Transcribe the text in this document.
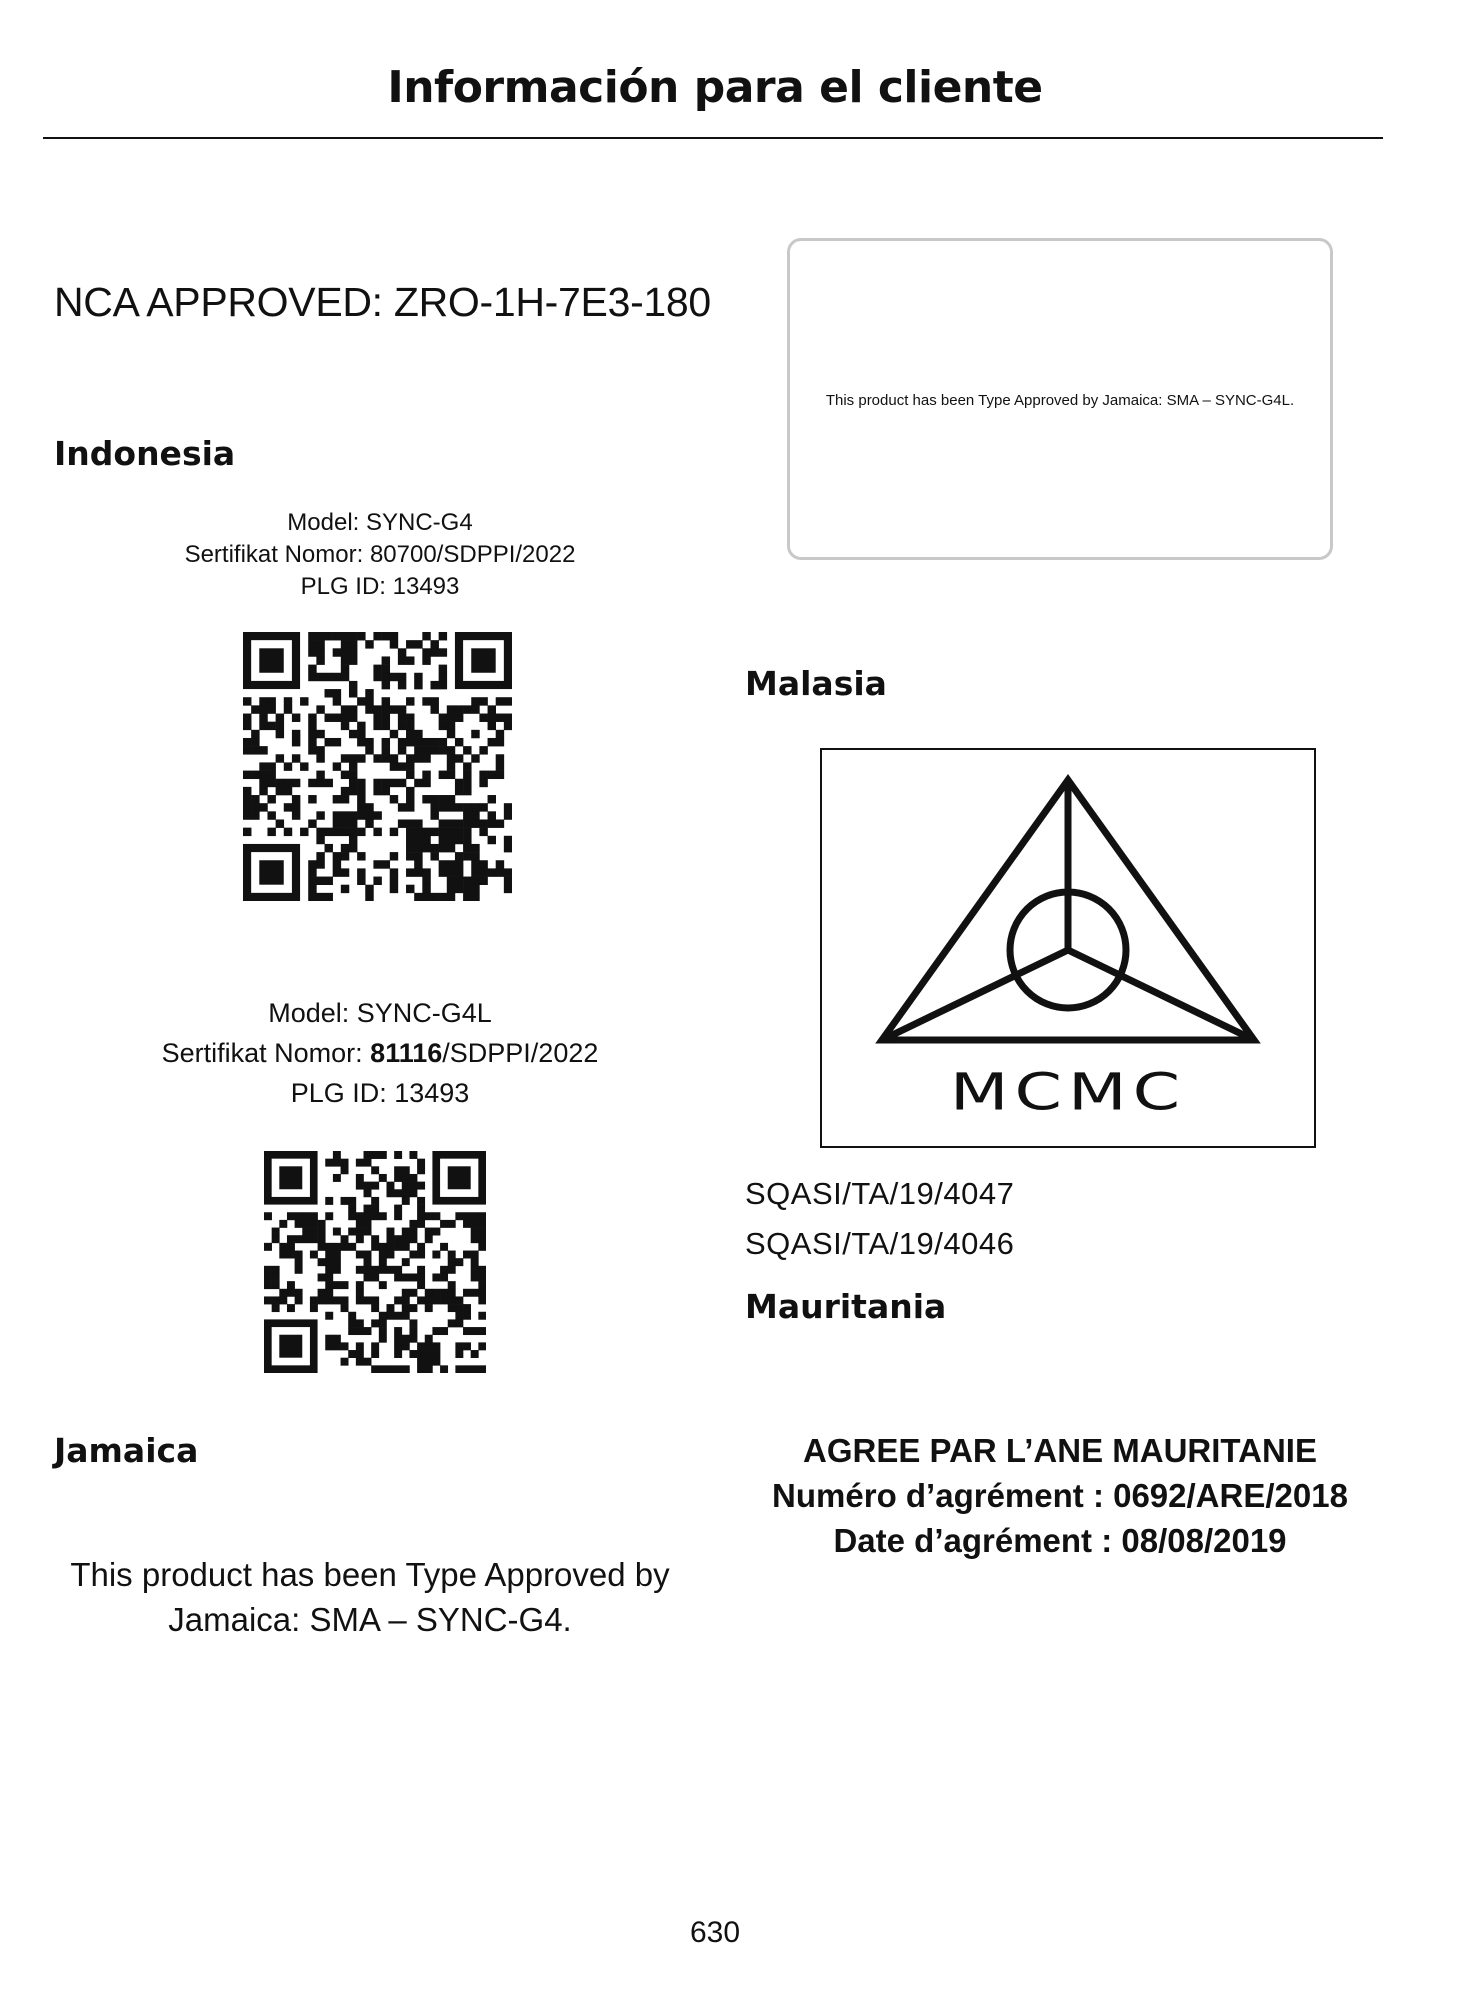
Información para el cliente
NCA APPROVED: ZRO-1H-7E3-180
Indonesia
Model: SYNC-G4
Sertifikat Nomor: 80700/SDPPI/2022
PLG ID: 13493
Model: SYNC-G4L
Sertifikat Nomor: 81116/SDPPI/2022
PLG ID: 13493
This product has been Type Approved by Jamaica: SMA – SYNC-G4L.
Malasia
MCMC
SQASI/TA/19/4047
SQASI/TA/19/4046
Mauritania
AGREE PAR L’ANE MAURITANIE
Numéro d’agrément : 0692/ARE/2018
Date d’agrément : 08/08/2019
Jamaica
This product has been Type Approved by
Jamaica: SMA – SYNC-G4.
630
